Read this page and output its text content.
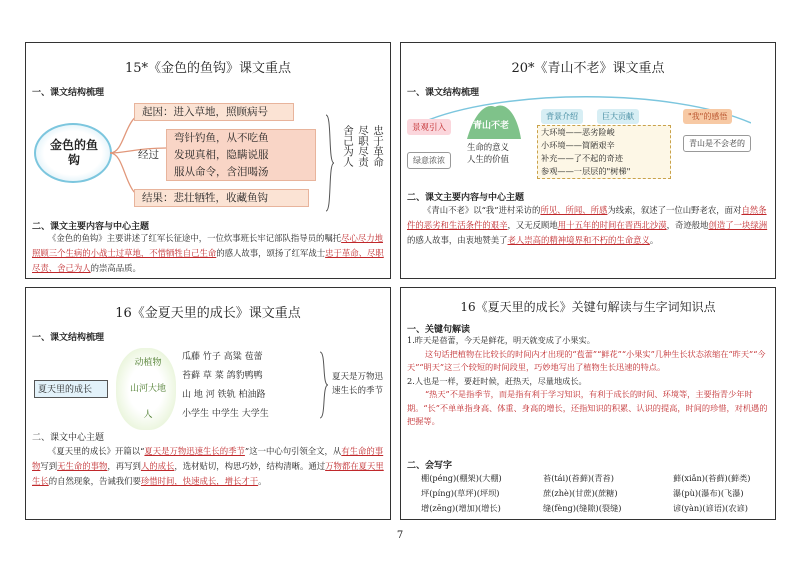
15*《金色的鱼钩》课文重点
一、课文结构梳理
金色的鱼钩
起因：进入草地，照顾病号
经过
弯针钓鱼，从不吃鱼
发现真相，隐瞒说服
服从命令，含泪喝汤
结果：悲壮牺牲，收藏鱼钩
忠于革命
尽职尽责
舍己为人
二、课文主要内容与中心主题
《金色的鱼钩》主要讲述了红军长征途中，一位炊事班长牢记部队指导员的嘱托尽心尽力地照顾三个生病的小战士过草地，不惜牺牲自己生命的感人故事，颂扬了红军战士忠于革命、尽职尽责、舍己为人的崇高品质。
20*《青山不老》课文重点
一、课文结构梳理
景观引入
绿意浓浓
青山不老
生命的意义
人生的价值
背景介绍	巨大贡献
大环境——恶劣险峻
小环境——简陋艰辛
补充——了不起的奇迹
参观——一层层的"树梯"
"我"的感悟
青山是不会老的
二、课文主要内容与中心主题
《青山不老》以“我”进村采访的所见、所闻、所感为线索，叙述了一位山野老农，面对自然条件的恶劣和生活条件的艰辛，又无反顾地用十五年的时间在晋西北沙漠，奇迹般地创造了一块绿洲的感人故事，由衷地赞美了老人崇高的精神境界和不朽的生命意义。
16《金夏天里的成长》课文重点
一、课文结构梳理
夏天里的成长
动植物
山河大地
人
瓜藤 竹子 高粱 苞蕾
苔藓 草 菜 鸽豹鸭鸭
山 地 河 铁轨 柏油路
小学生 中学生 大学生
夏天是万物迅
速生长的季节
二、课文中心主题
《夏天里的成长》开篇以“夏天是万物迅速生长的季节”这一中心句引领全文，从有生命的事物写到无生命的事物，再写到人的成长，选材贴切，构思巧妙，结构清晰。通过万物都在夏天里生长的自然现象，告诫我们要珍惜时间，快速成长，增长才干。
16《夏天里的成长》关键句解读与生字词知识点
一、关键句解读
1.昨天是蓓蕾，今天是鲜花，明天就变成了小果实。
这句话把植物在比较长的时间内才出现的“苞蕾”“鲜花”“小果实”几种生长状态浓缩在“昨天”“今天”“明天”这三个较短的时间段里，巧妙地写出了植物生长迅速的特点。
2.人也是一样，要赶时候，赶热天，尽量地成长。
“热天”不是指季节，而是指有利于学习知识，有利于成长的时间、环境等，主要指青少年时期。“长”不单单指身高、体重、身高的增长，还指知识的积累、认识的提高，时间的珍惜，对机遇的把握等。
二、会写字
棚(péng)(棚架)(大棚)	苔(tái)(苔藓)(青苔)	藓(xiǎn)(苔藓)(藓类)
坪(píng)(草坪)(坪坝)	蔗(zhè)(甘蔗)(蔗糖)	瀑(pù)(瀑布)(飞瀑)
增(zēng)(增加)(增长)	缝(fèng)(缝隙)(裂缝)	谚(yàn)(谚语)(农谚)
7
